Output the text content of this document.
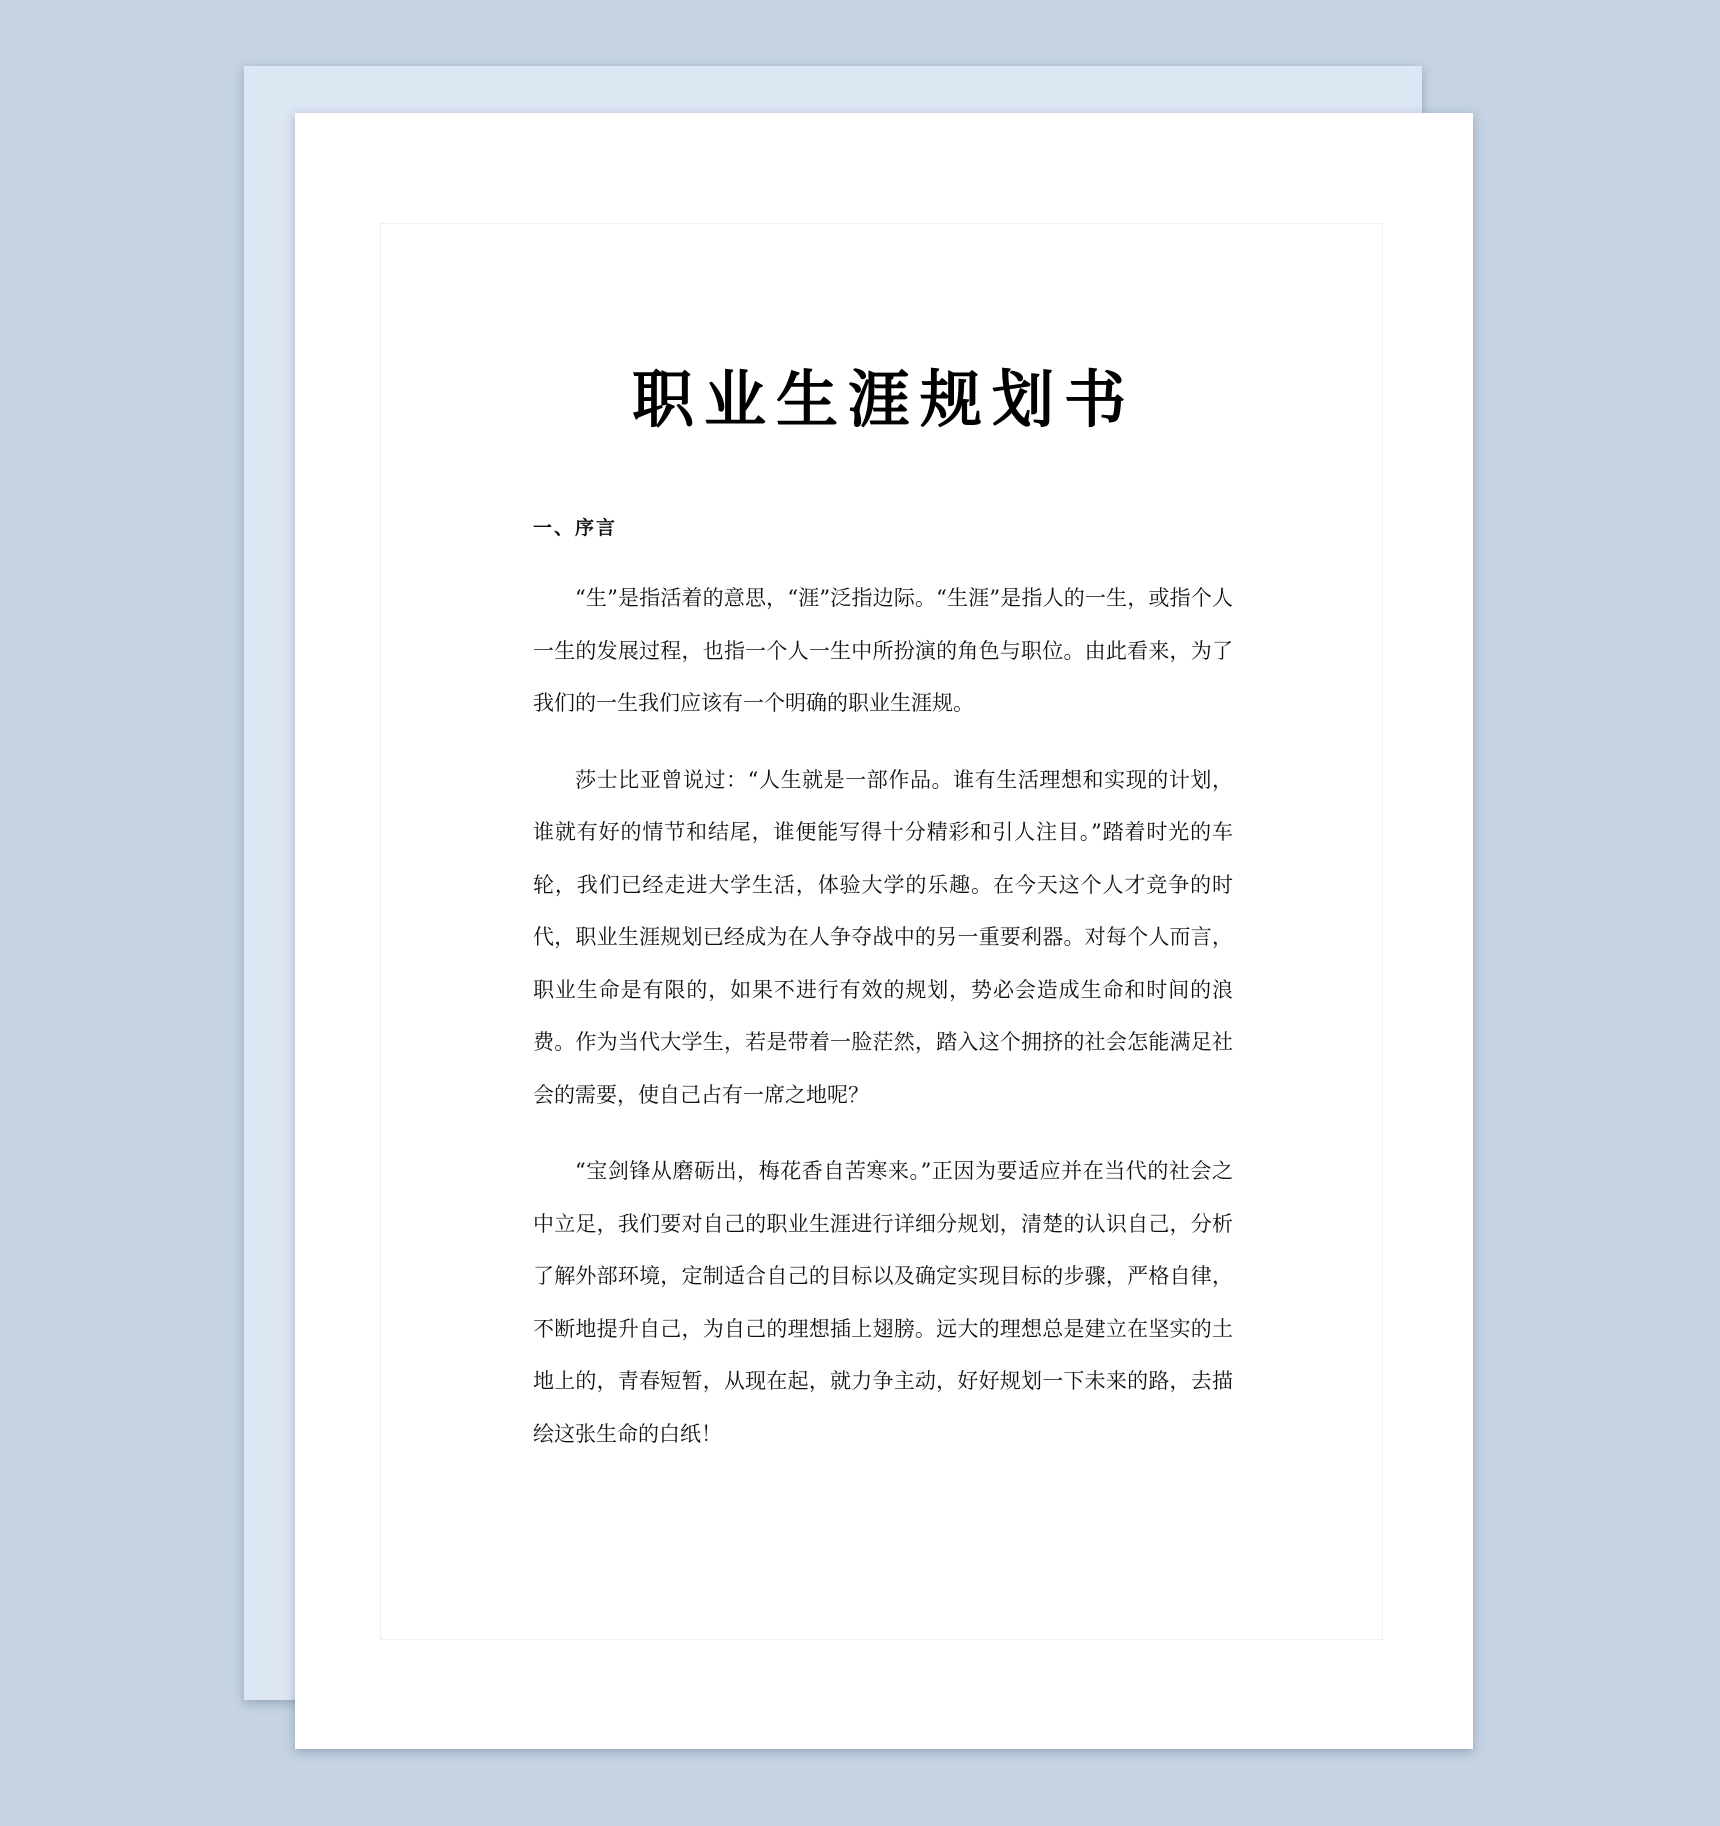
职业生涯规划书
一、序言

“生”是指活着的意思，“涯”泛指边际。“生涯”是指人的一生，或指个人一生的发展过程，也指一个人一生中所扮演的角色与职位。由此看来，为了我们的一生我们应该有一个明确的职业生涯规。

莎士比亚曾说过：“人生就是一部作品。谁有生活理想和实现的计划，谁就有好的情节和结尾，谁便能写得十分精彩和引人注目。”踏着时光的车轮，我们已经走进大学生活，体验大学的乐趣。在今天这个人才竞争的时代，职业生涯规划已经成为在人争夺战中的另一重要利器。对每个人而言，职业生命是有限的，如果不进行有效的规划，势必会造成生命和时间的浪费。作为当代大学生，若是带着一脸茫然，踏入这个拥挤的社会怎能满足社会的需要，使自己占有一席之地呢？

“宝剑锋从磨砺出，梅花香自苦寒来。”正因为要适应并在当代的社会之中立足，我们要对自己的职业生涯进行详细分规划，清楚的认识自己，分析了解外部环境，定制适合自己的目标以及确定实现目标的步骤，严格自律，不断地提升自己，为自己的理想插上翅膀。远大的理想总是建立在坚实的土地上的，青春短暂，从现在起，就力争主动，好好规划一下未来的路，去描绘这张生命的白纸！
